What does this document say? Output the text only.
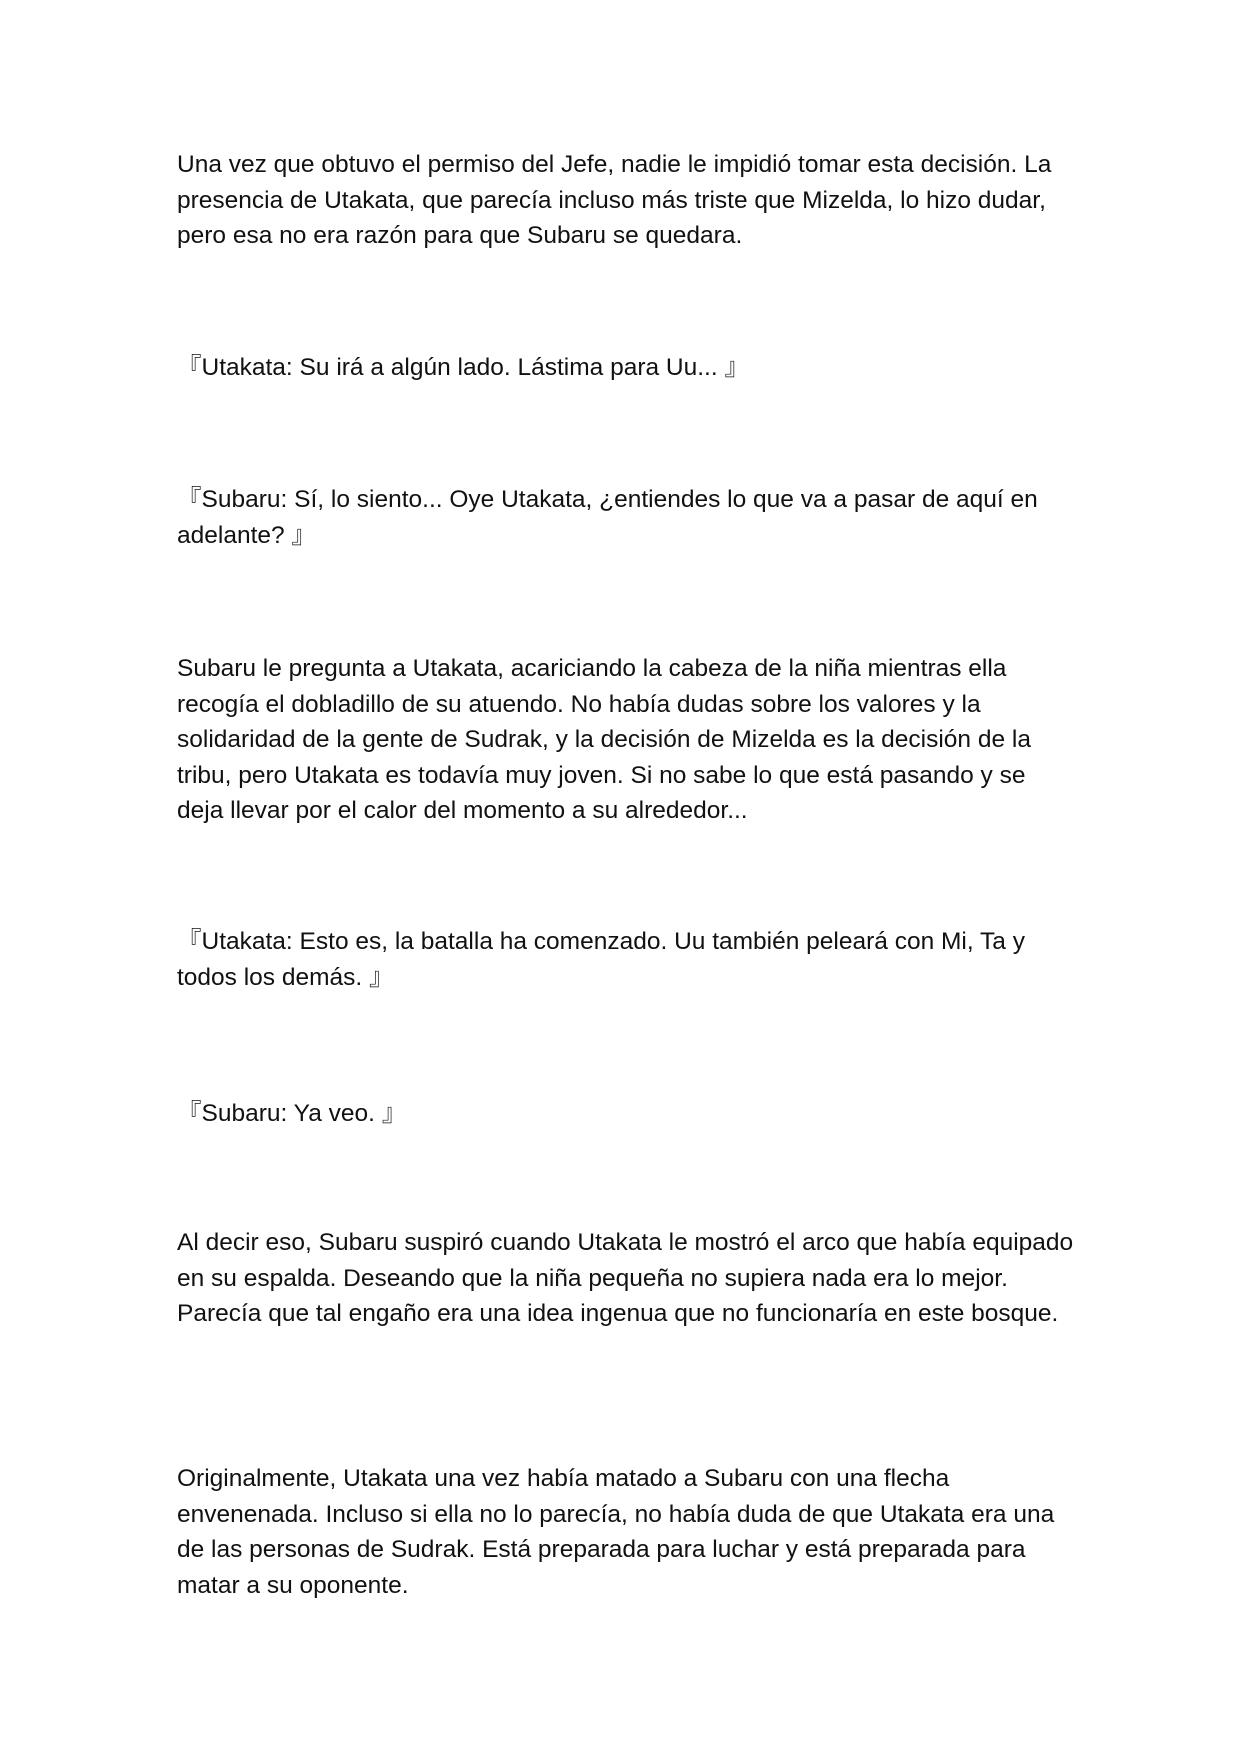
Una vez que obtuvo el permiso del Jefe, nadie le impidió tomar esta decisión. La presencia de Utakata, que parecía incluso más triste que Mizelda, lo hizo dudar, pero esa no era razón para que Subaru se quedara.

『Utakata: Su irá a algún lado. Lástima para Uu... 』

『Subaru: Sí, lo siento... Oye Utakata, ¿entiendes lo que va a pasar de aquí en adelante? 』

Subaru le pregunta a Utakata, acariciando la cabeza de la niña mientras ella recogía el dobladillo de su atuendo. No había dudas sobre los valores y la solidaridad de la gente de Sudrak, y la decisión de Mizelda es la decisión de la tribu, pero Utakata es todavía muy joven. Si no sabe lo que está pasando y se deja llevar por el calor del momento a su alrededor...

『Utakata: Esto es, la batalla ha comenzado. Uu también peleará con Mi, Ta y todos los demás. 』

『Subaru: Ya veo. 』

Al decir eso, Subaru suspiró cuando Utakata le mostró el arco que había equipado en su espalda. Deseando que la niña pequeña no supiera nada era lo mejor. Parecía que tal engaño era una idea ingenua que no funcionaría en este bosque.

Originalmente, Utakata una vez había matado a Subaru con una flecha envenenada. Incluso si ella no lo parecía, no había duda de que Utakata era una de las personas de Sudrak. Está preparada para luchar y está preparada para matar a su oponente.
